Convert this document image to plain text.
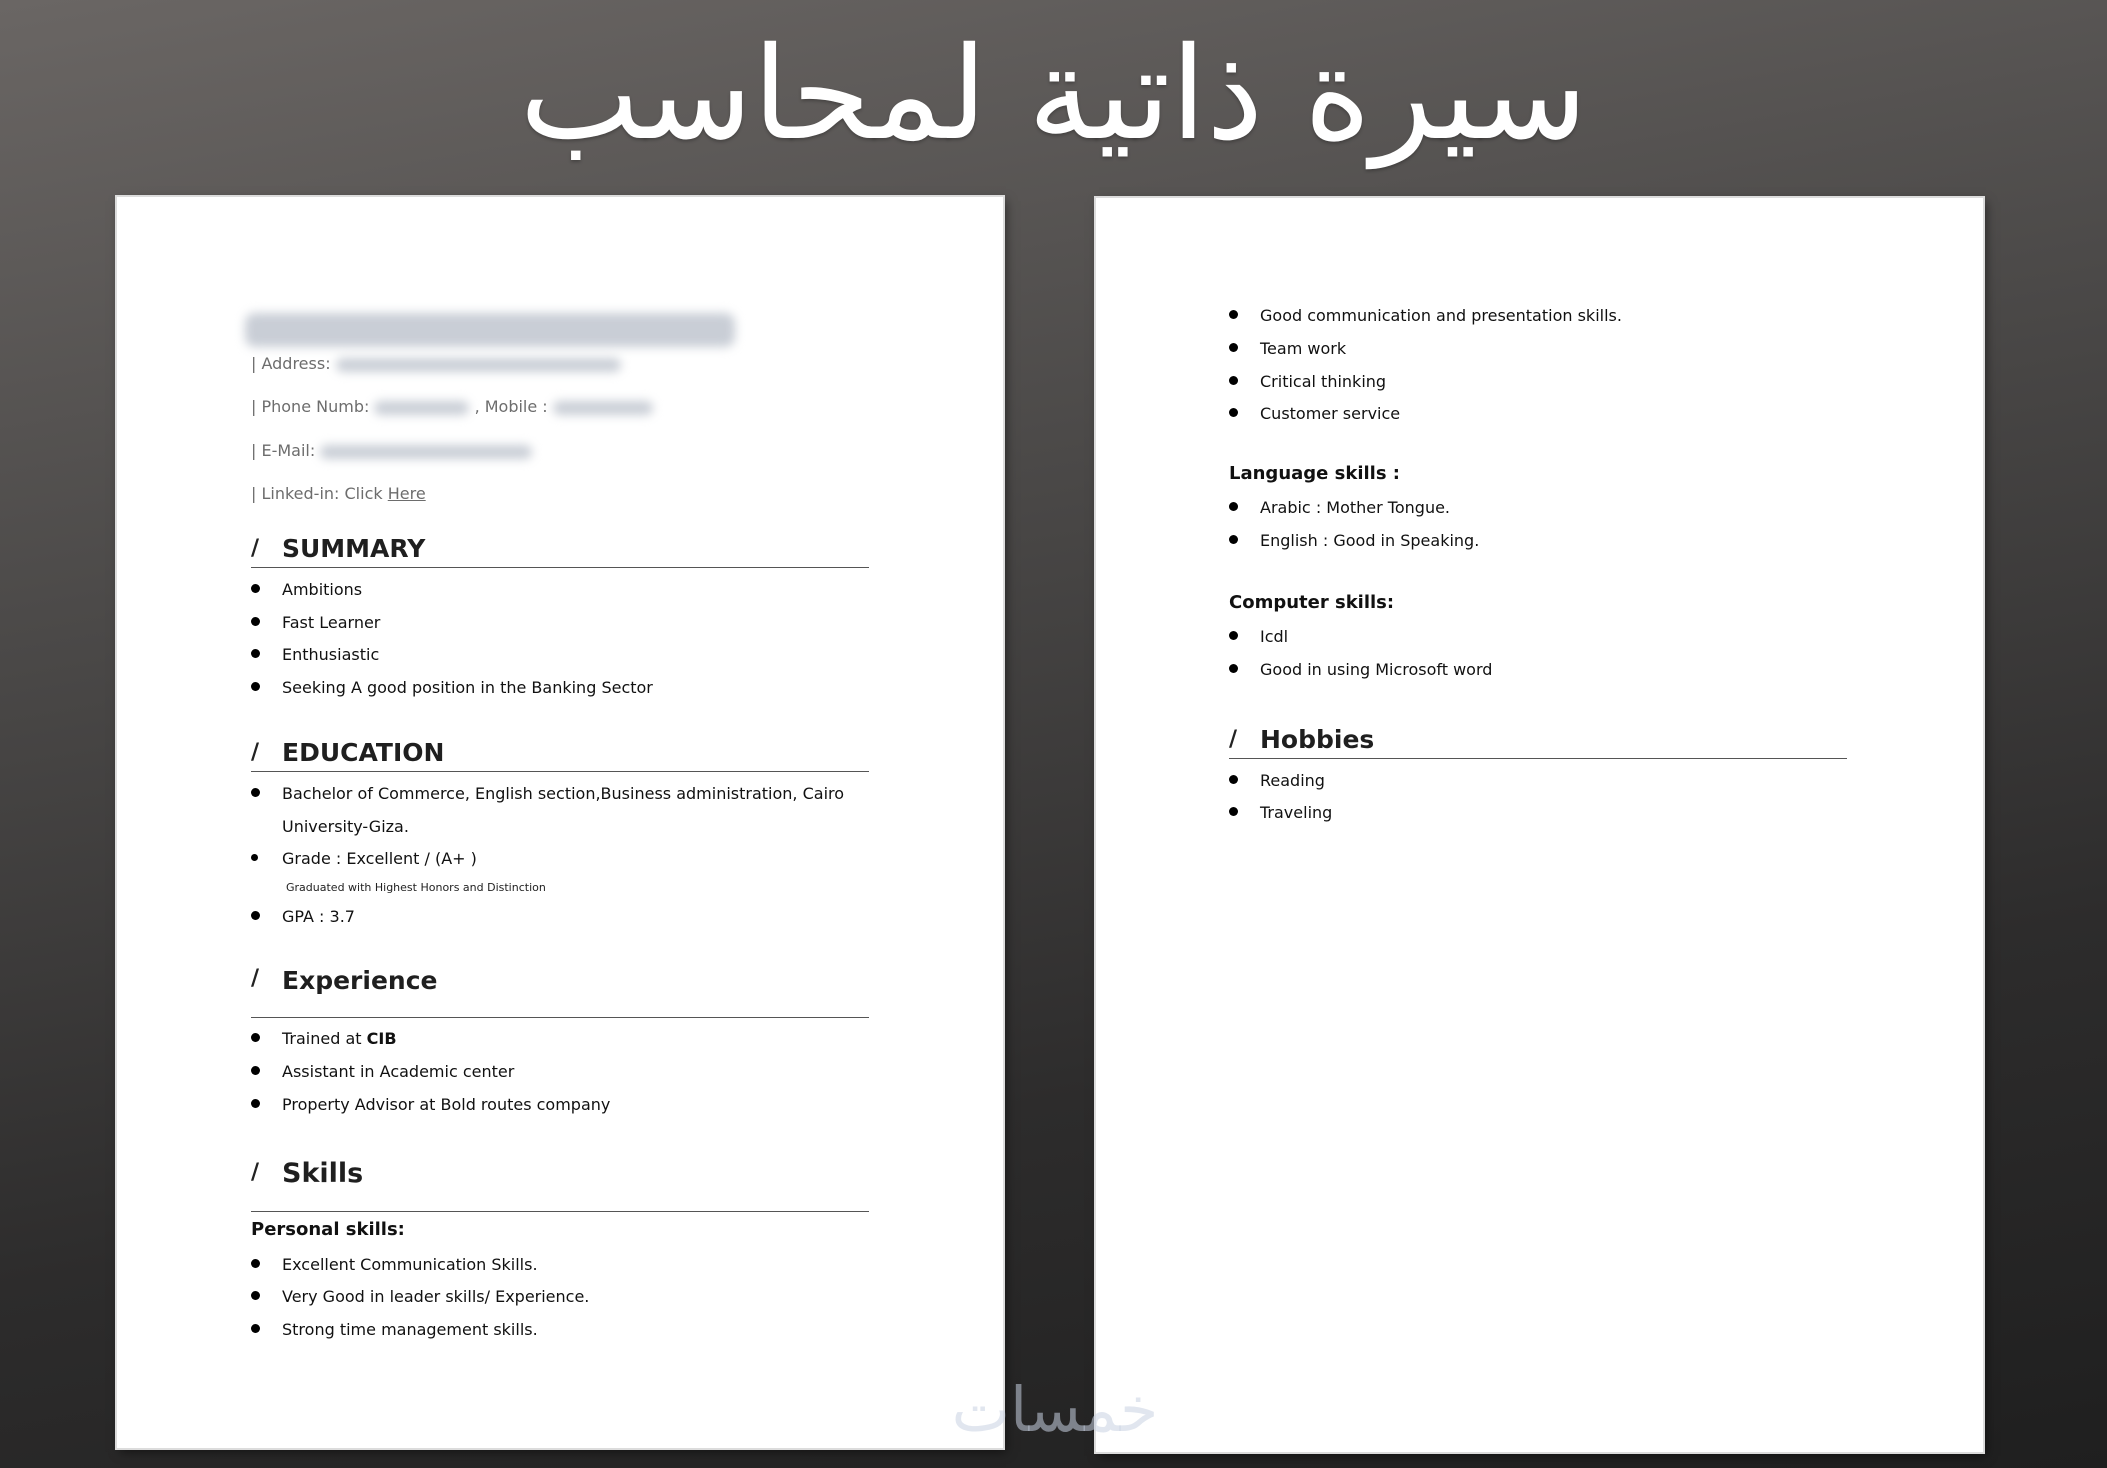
سيرة ذاتية لمحاسب
| Address:
| Phone Numb:	, Mobile :
| E-Mail:
| Linked-in: Click Here
/ SUMMARY
Ambitions
Fast Learner
Enthusiastic
Seeking A good position in the Banking Sector
/ EDUCATION
Bachelor of Commerce, English section,Business administration, Cairo
University-Giza.
Grade : Excellent / (A+ )
Graduated with Highest Honors and Distinction
GPA : 3.7
/ Experience
Trained at CIB
Assistant in Academic center
Property Advisor at Bold routes company
/ Skills
Personal skills:
Excellent Communication Skills.
Very Good in leader skills/ Experience.
Strong time management skills.
Good communication and presentation skills.
Team work
Critical thinking
Customer service
Language skills :
Arabic : Mother Tongue.
English : Good in Speaking.
Computer skills:
Icdl
Good in using Microsoft word
/ Hobbies
Reading
Traveling
خمسات
